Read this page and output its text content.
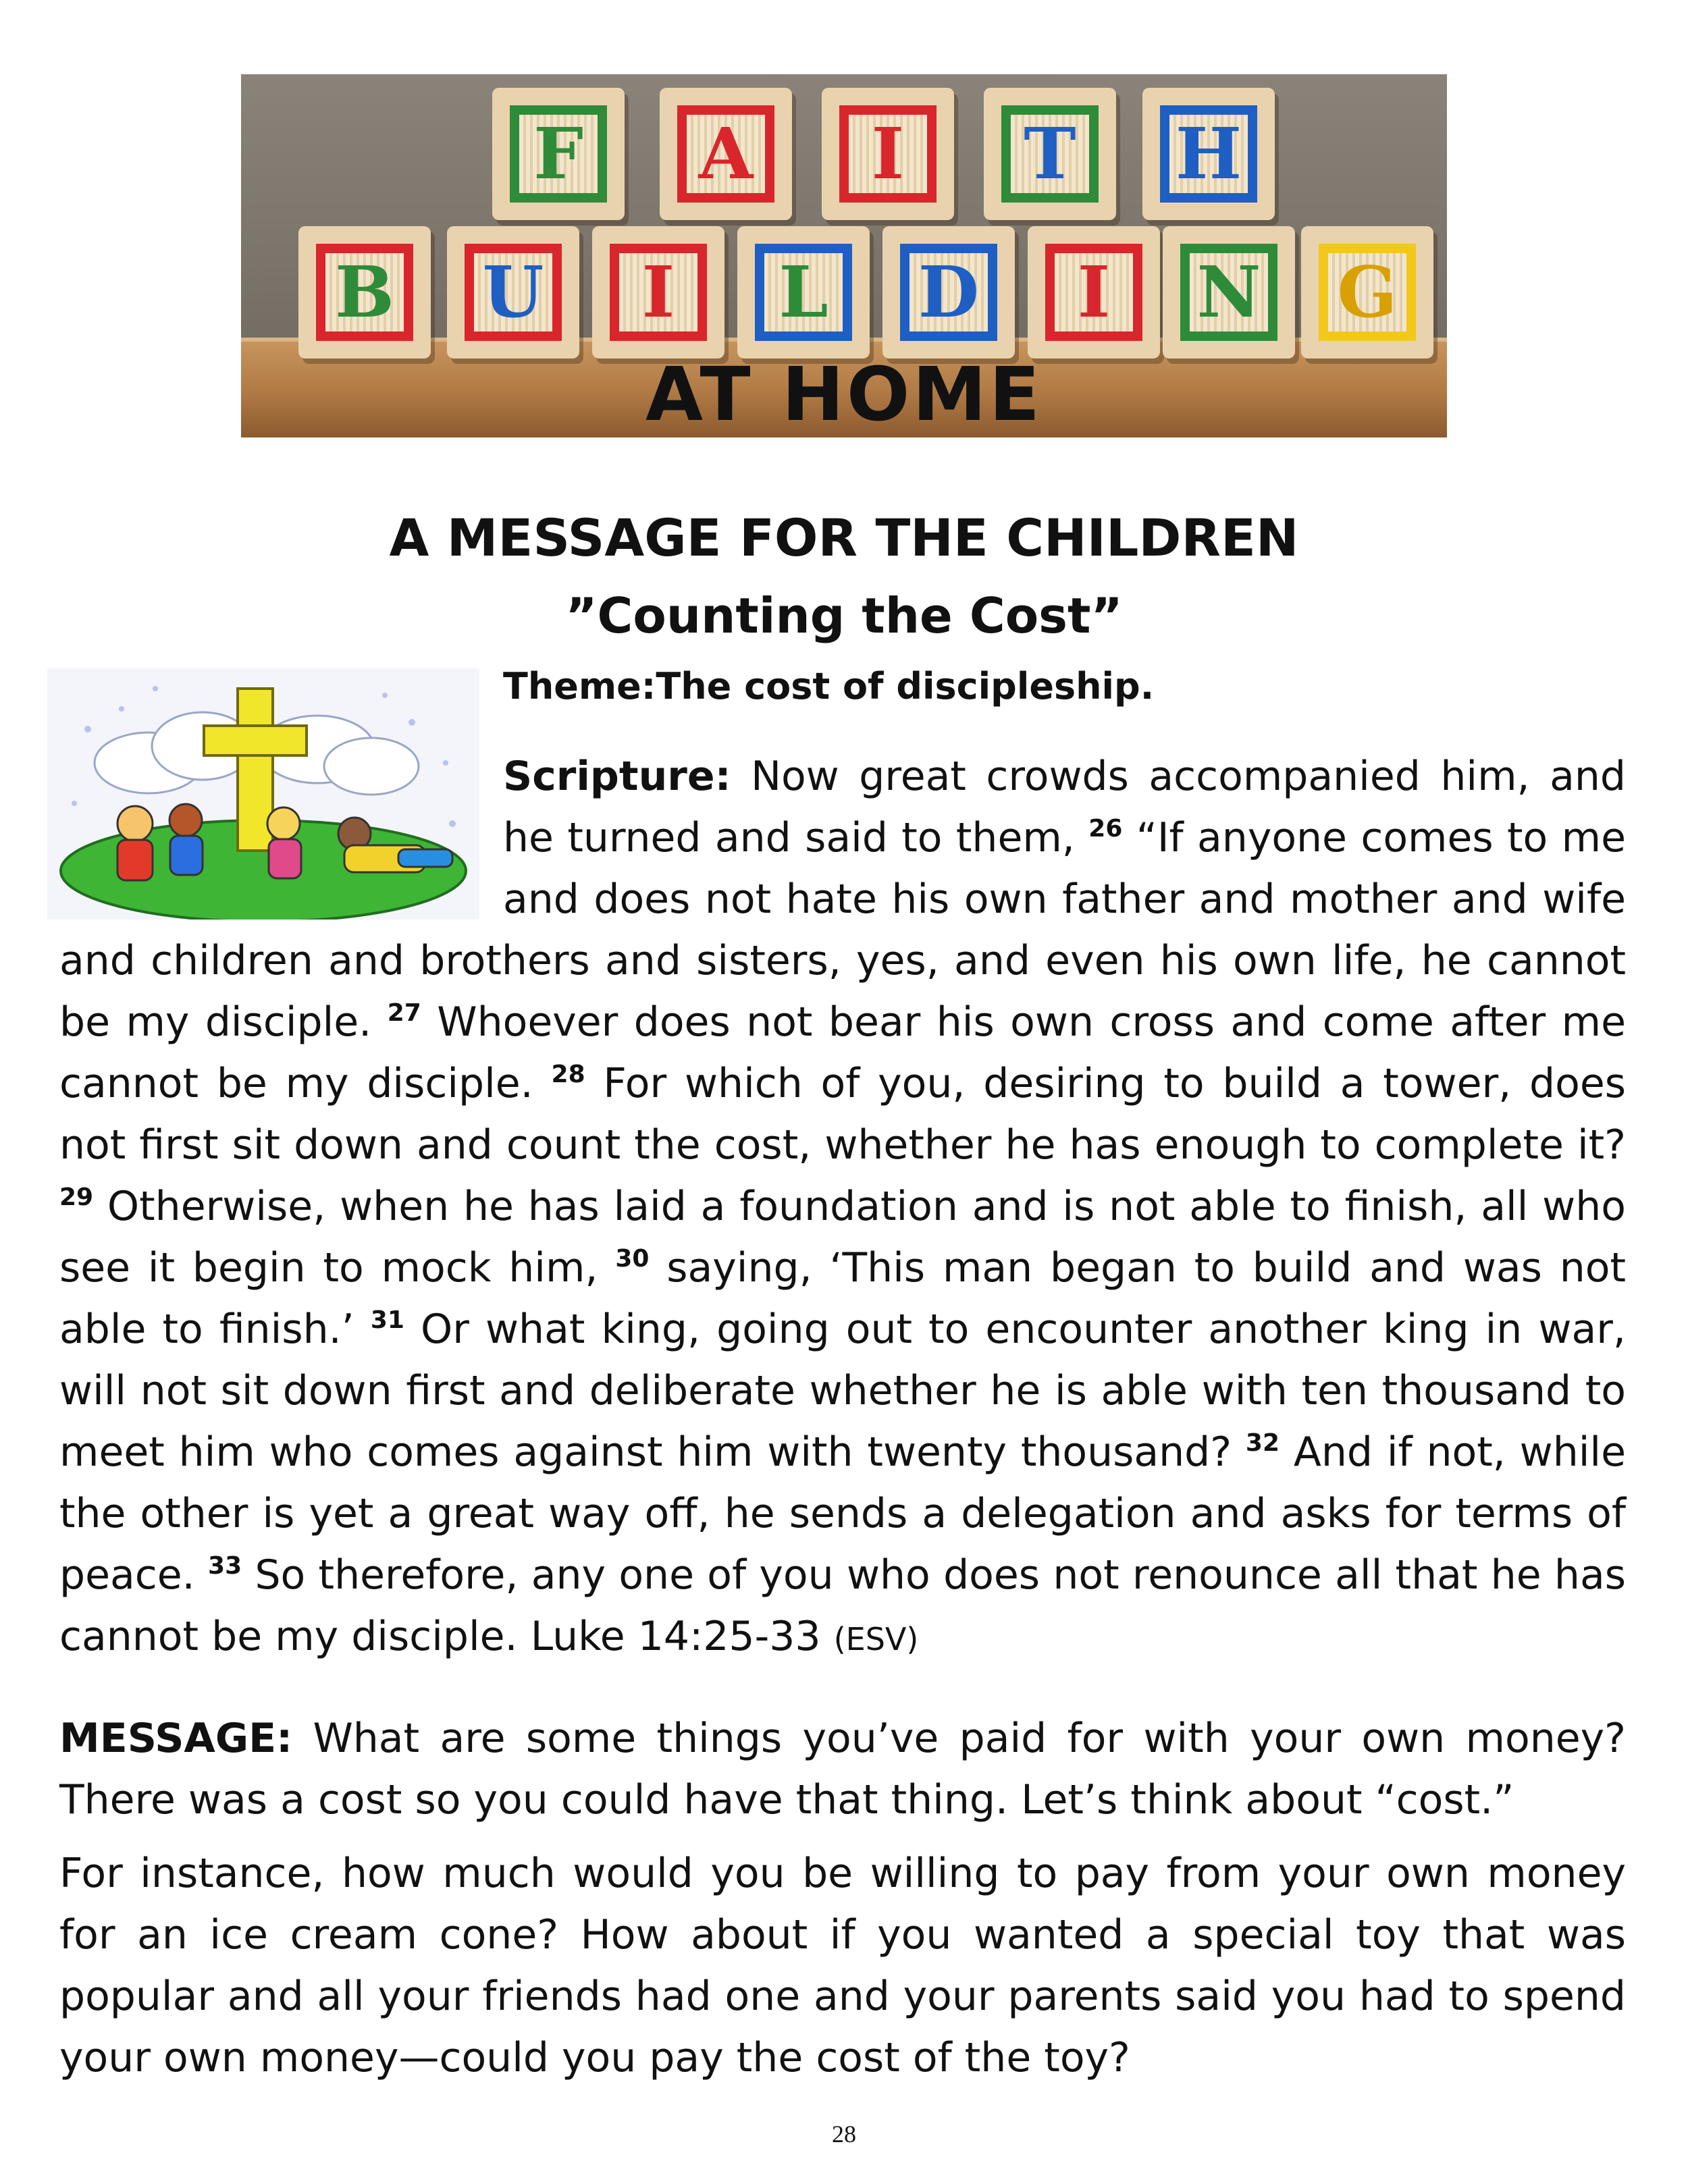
F	A	I	T	H
B U	I	L	D	I	N G
AT HOME
A MESSAGE FOR THE CHILDREN
”Counting the Cost”
Theme:The cost of discipleship.
Scripture: Now great crowds accompanied him, and he turned and said to them, $^{26}$ “If anyone comes to me and does not hate his own father and mother and wife and children and brothers and sisters, yes, and even his own life, he cannot be my disciple. $^{27}$ Whoever does not bear his own cross and come after me cannot be my disciple. $^{28}$ For which of you, desiring to build a tower, does not first sit down and count the cost, whether he has enough to complete it? $^{29}$ Otherwise, when he has laid a foundation and is not able to finish, all who see it begin to mock him, $^{30}$ saying, ‘This man began to build and was not able to finish.’ $^{31}$ Or what king, going out to encounter another king in war, will not sit down first and deliberate whether he is able with ten thousand to meet him who comes against him with twenty thousand? $^{32}$ And if not, while the other is yet a great way off, he sends a delegation and asks for terms of peace. $^{33}$ So therefore, any one of you who does not renounce all that he has cannot be my disciple. Luke 14:25-33 (ESV)
MESSAGE: What are some things you’ve paid for with your own money? There was a cost so you could have that thing. Let’s think about “cost.”
For instance, how much would you be willing to pay from your own money for an ice cream cone? How about if you wanted a special toy that was popular and all your friends had one and your parents said you had to spend your own money—could you pay the cost of the toy?
28
